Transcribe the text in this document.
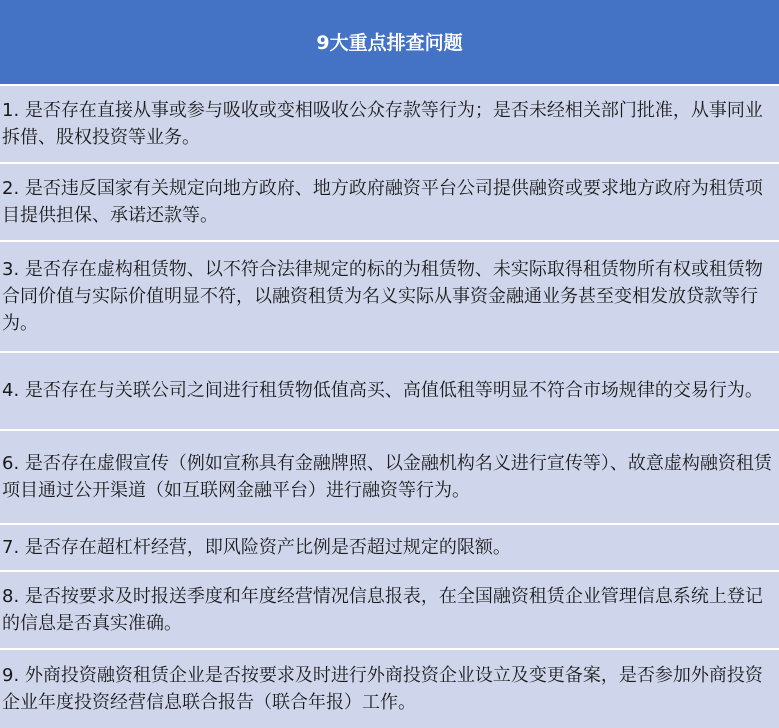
9大重点排查问题
1. 是否存在直接从事或参与吸收或变相吸收公众存款等行为；是否未经相关部门批准，从事同业拆借、股权投资等业务。
2. 是否违反国家有关规定向地方政府、地方政府融资平台公司提供融资或要求地方政府为租赁项目提供担保、承诺还款等。
3. 是否存在虚构租赁物、以不符合法律规定的标的为租赁物、未实际取得租赁物所有权或租赁物合同价值与实际价值明显不符，以融资租赁为名义实际从事资金融通业务甚至变相发放贷款等行为。
4. 是否存在与关联公司之间进行租赁物低值高买、高值低租等明显不符合市场规律的交易行为。
6. 是否存在虚假宣传（例如宣称具有金融牌照、以金融机构名义进行宣传等）、故意虚构融资租赁项目通过公开渠道（如互联网金融平台）进行融资等行为。
7. 是否存在超杠杆经营，即风险资产比例是否超过规定的限额。
8. 是否按要求及时报送季度和年度经营情况信息报表，在全国融资租赁企业管理信息系统上登记的信息是否真实准确。
9. 外商投资融资租赁企业是否按要求及时进行外商投资企业设立及变更备案，是否参加外商投资企业年度投资经营信息联合报告（联合年报）工作。
